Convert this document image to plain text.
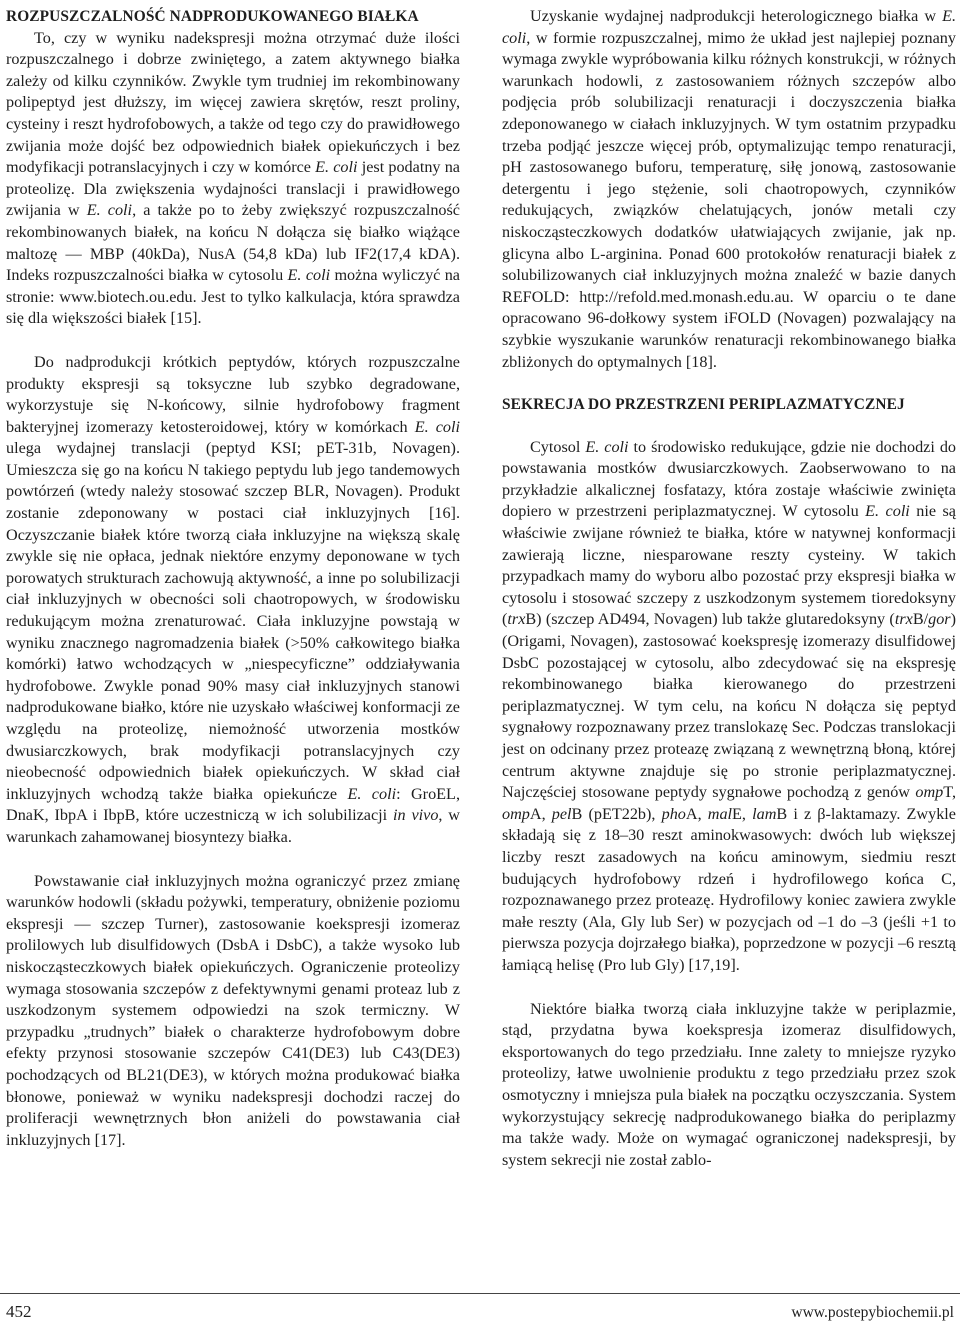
ROZPUSZCZALNOŚĆ NADPRODUKOWANEGO BIAŁKA

To, czy w wyniku nadekspresji można otrzymać duże ilości rozpuszczalnego i dobrze zwiniętego, a zatem aktywnego białka zależy od kilku czynników. Zwykle tym trudniej im rekombinowany polipeptyd jest dłuższy, im więcej zawiera skrętów, reszt proliny, cysteiny i reszt hydrofobowych, a także od tego czy do prawidłowego zwijania może dojść bez odpowiednich białek opiekuńczych i bez modyfikacji potranslacyjnych i czy w komórce E. coli jest podatny na proteolizę. Dla zwiększenia wydajności translacji i prawidłowego zwijania w E. coli, a także po to żeby zwiększyć rozpuszczalność rekombinowanych białek, na końcu N dołącza się białko wiążące maltozę — MBP (40kDa), NusA (54,8 kDa) lub IF2(17,4 kDA). Indeks rozpuszczalności białka w cytosolu E. coli można wyliczyć na stronie: www.biotech.ou.edu. Jest to tylko kalkulacja, która sprawdza się dla większości białek [15].

Do nadprodukcji krótkich peptydów, których rozpuszczalne produkty ekspresji są toksyczne lub szybko degradowane, wykorzystuje się N-końcowy, silnie hydrofobowy fragment bakteryjnej izomerazy ketosteroidowej, który w komórkach E. coli ulega wydajnej translacji (peptyd KSI; pET-31b, Novagen). Umieszcza się go na końcu N takiego peptydu lub jego tandemowych powtórzeń (wtedy należy stosować szczep BLR, Novagen). Produkt zostanie zdeponowany w postaci ciał inkluzyjnych [16]. Oczyszczanie białek które tworzą ciała inkluzyjne na większą skalę zwykle się nie opłaca, jednak niektóre enzymy deponowane w tych porowatych strukturach zachowują aktywność, a inne po solubilizacji ciał inkluzyjnych w obecności soli chaotropowych, w środowisku redukującym można zrenaturować. Ciała inkluzyjne powstają w wyniku znacznego nagromadzenia białek (>50% całkowitego białka komórki) łatwo wchodzących w „niespecyficzne” oddziaływania hydrofobowe. Zwykle ponad 90% masy ciał inkluzyjnych stanowi nadprodukowane białko, które nie uzyskało właściwej konformacji ze względu na proteolizę, niemożność utworzenia mostków dwusiarczkowych, brak modyfikacji potranslacyjnych czy nieobecność odpowiednich białek opiekuńczych. W skład ciał inkluzyjnych wchodzą także białka opiekuńcze E. coli: GroEL, DnaK, IbpA i IbpB, które uczestniczą w ich solubilizacji in vivo, w warunkach zahamowanej biosyntezy białka.

Powstawanie ciał inkluzyjnych można ograniczyć przez zmianę warunków hodowli (składu pożywki, temperatury, obniżenie poziomu ekspresji — szczep Turner), zastosowanie koekspresji izomeraz prolilowych lub disulfidowych (DsbA i DsbC), a także wysoko lub niskocząsteczkowych białek opiekuńczych. Ograniczenie proteolizy wymaga stosowania szczepów z defektywnymi genami proteaz lub z uszkodzonym systemem odpowiedzi na szok termiczny. W przypadku „trudnych” białek o charakterze hydrofobowym dobre efekty przynosi stosowanie szczepów C41(DE3) lub C43(DE3) pochodzących od BL21(DE3), w których można produkować białka błonowe, ponieważ w wyniku nadekspresji dochodzi raczej do proliferacji wewnętrznych błon aniżeli do powstawania ciał inkluzyjnych [17].

Uzyskanie wydajnej nadprodukcji heterologicznego białka w E. coli, w formie rozpuszczalnej, mimo że układ jest najlepiej poznany wymaga zwykle wypróbowania kilku różnych konstrukcji, w różnych warunkach hodowli, z zastosowaniem różnych szczepów albo podjęcia prób solubilizacji renaturacji i doczyszczenia białka zdeponowanego w ciałach inkluzyjnych. W tym ostatnim przypadku trzeba podjąć jeszcze więcej prób, optymalizując tempo renaturacji, pH zastosowanego buforu, temperaturę, siłę jonową, zastosowanie detergentu i jego stężenie, soli chaotropowych, czynników redukujących, związków chelatujących, jonów metali czy niskocząsteczkowych dodatków ułatwiających zwijanie, jak np. glicyna albo L-arginina. Ponad 600 protokołów renaturacji białek z solubilizowanych ciał inkluzyjnych można znaleźć w bazie danych REFOLD: http://refold.med.monash.edu.au. W oparciu o te dane opracowano 96-dołkowy system iFOLD (Novagen) pozwalający na szybkie wyszukanie warunków renaturacji rekombinowanego białka zbliżonych do optymalnych [18].

SEKRECJA DO PRZESTRZENI PERIPLAZMATYCZNEJ

Cytosol E. coli to środowisko redukujące, gdzie nie dochodzi do powstawania mostków dwusiarczkowych. Zaobserwowano to na przykładzie alkalicznej fosfatazy, która zostaje właściwie zwinięta dopiero w przestrzeni periplazmatycznej. W cytosolu E. coli nie są właściwie zwijane również te białka, które w natywnej konformacji zawierają liczne, niesparowane reszty cysteiny. W takich przypadkach mamy do wyboru albo pozostać przy ekspresji białka w cytosolu i stosować szczepy z uszkodzonym systemem tioredoksyny (trxB) (szczep AD494, Novagen) lub także glutaredoksyny (trxB/gor) (Origami, Novagen), zastosować koekspresję izomerazy disulfidowej DsbC pozostającej w cytosolu, albo zdecydować się na ekspresję rekombinowanego białka kierowanego do przestrzeni periplazmatycznej. W tym celu, na końcu N dołącza się peptyd sygnałowy rozpoznawany przez translokazę Sec. Podczas translokacji jest on odcinany przez proteazę związaną z wewnętrzną błoną, której centrum aktywne znajduje się po stronie periplazmatycznej. Najczęściej stosowane peptydy sygnałowe pochodzą z genów ompT, ompA, pelB (pET22b), phoA, malE, lamB i z β-laktamazy. Zwykle składają się z 18–30 reszt aminokwasowych: dwóch lub większej liczby reszt zasadowych na końcu aminowym, siedmiu reszt budujących hydrofobowy rdzeń i hydrofilowego końca C, rozpoznawanego przez proteazę. Hydrofilowy koniec zawiera zwykle małe reszty (Ala, Gly lub Ser) w pozycjach od –1 do –3 (jeśli +1 to pierwsza pozycja dojrzałego białka), poprzedzone w pozycji –6 resztą łamiącą helisę (Pro lub Gly) [17,19].

Niektóre białka tworzą ciała inkluzyjne także w periplazmie, stąd, przydatna bywa koekspresja izomeraz disulfidowych, eksportowanych do tego przedziału. Inne zalety to mniejsze ryzyko proteolizy, łatwe uwolnienie produktu z tego przedziału przez szok osmotyczny i mniejsza pula białek na początku oczyszczania. System wykorzystujący sekrecję nadprodukowanego białka do periplazmy ma także wady. Może on wymagać ograniczonej nadekspresji, by system sekrecji nie został zablo-

452	www.postepybiochemii.pl
